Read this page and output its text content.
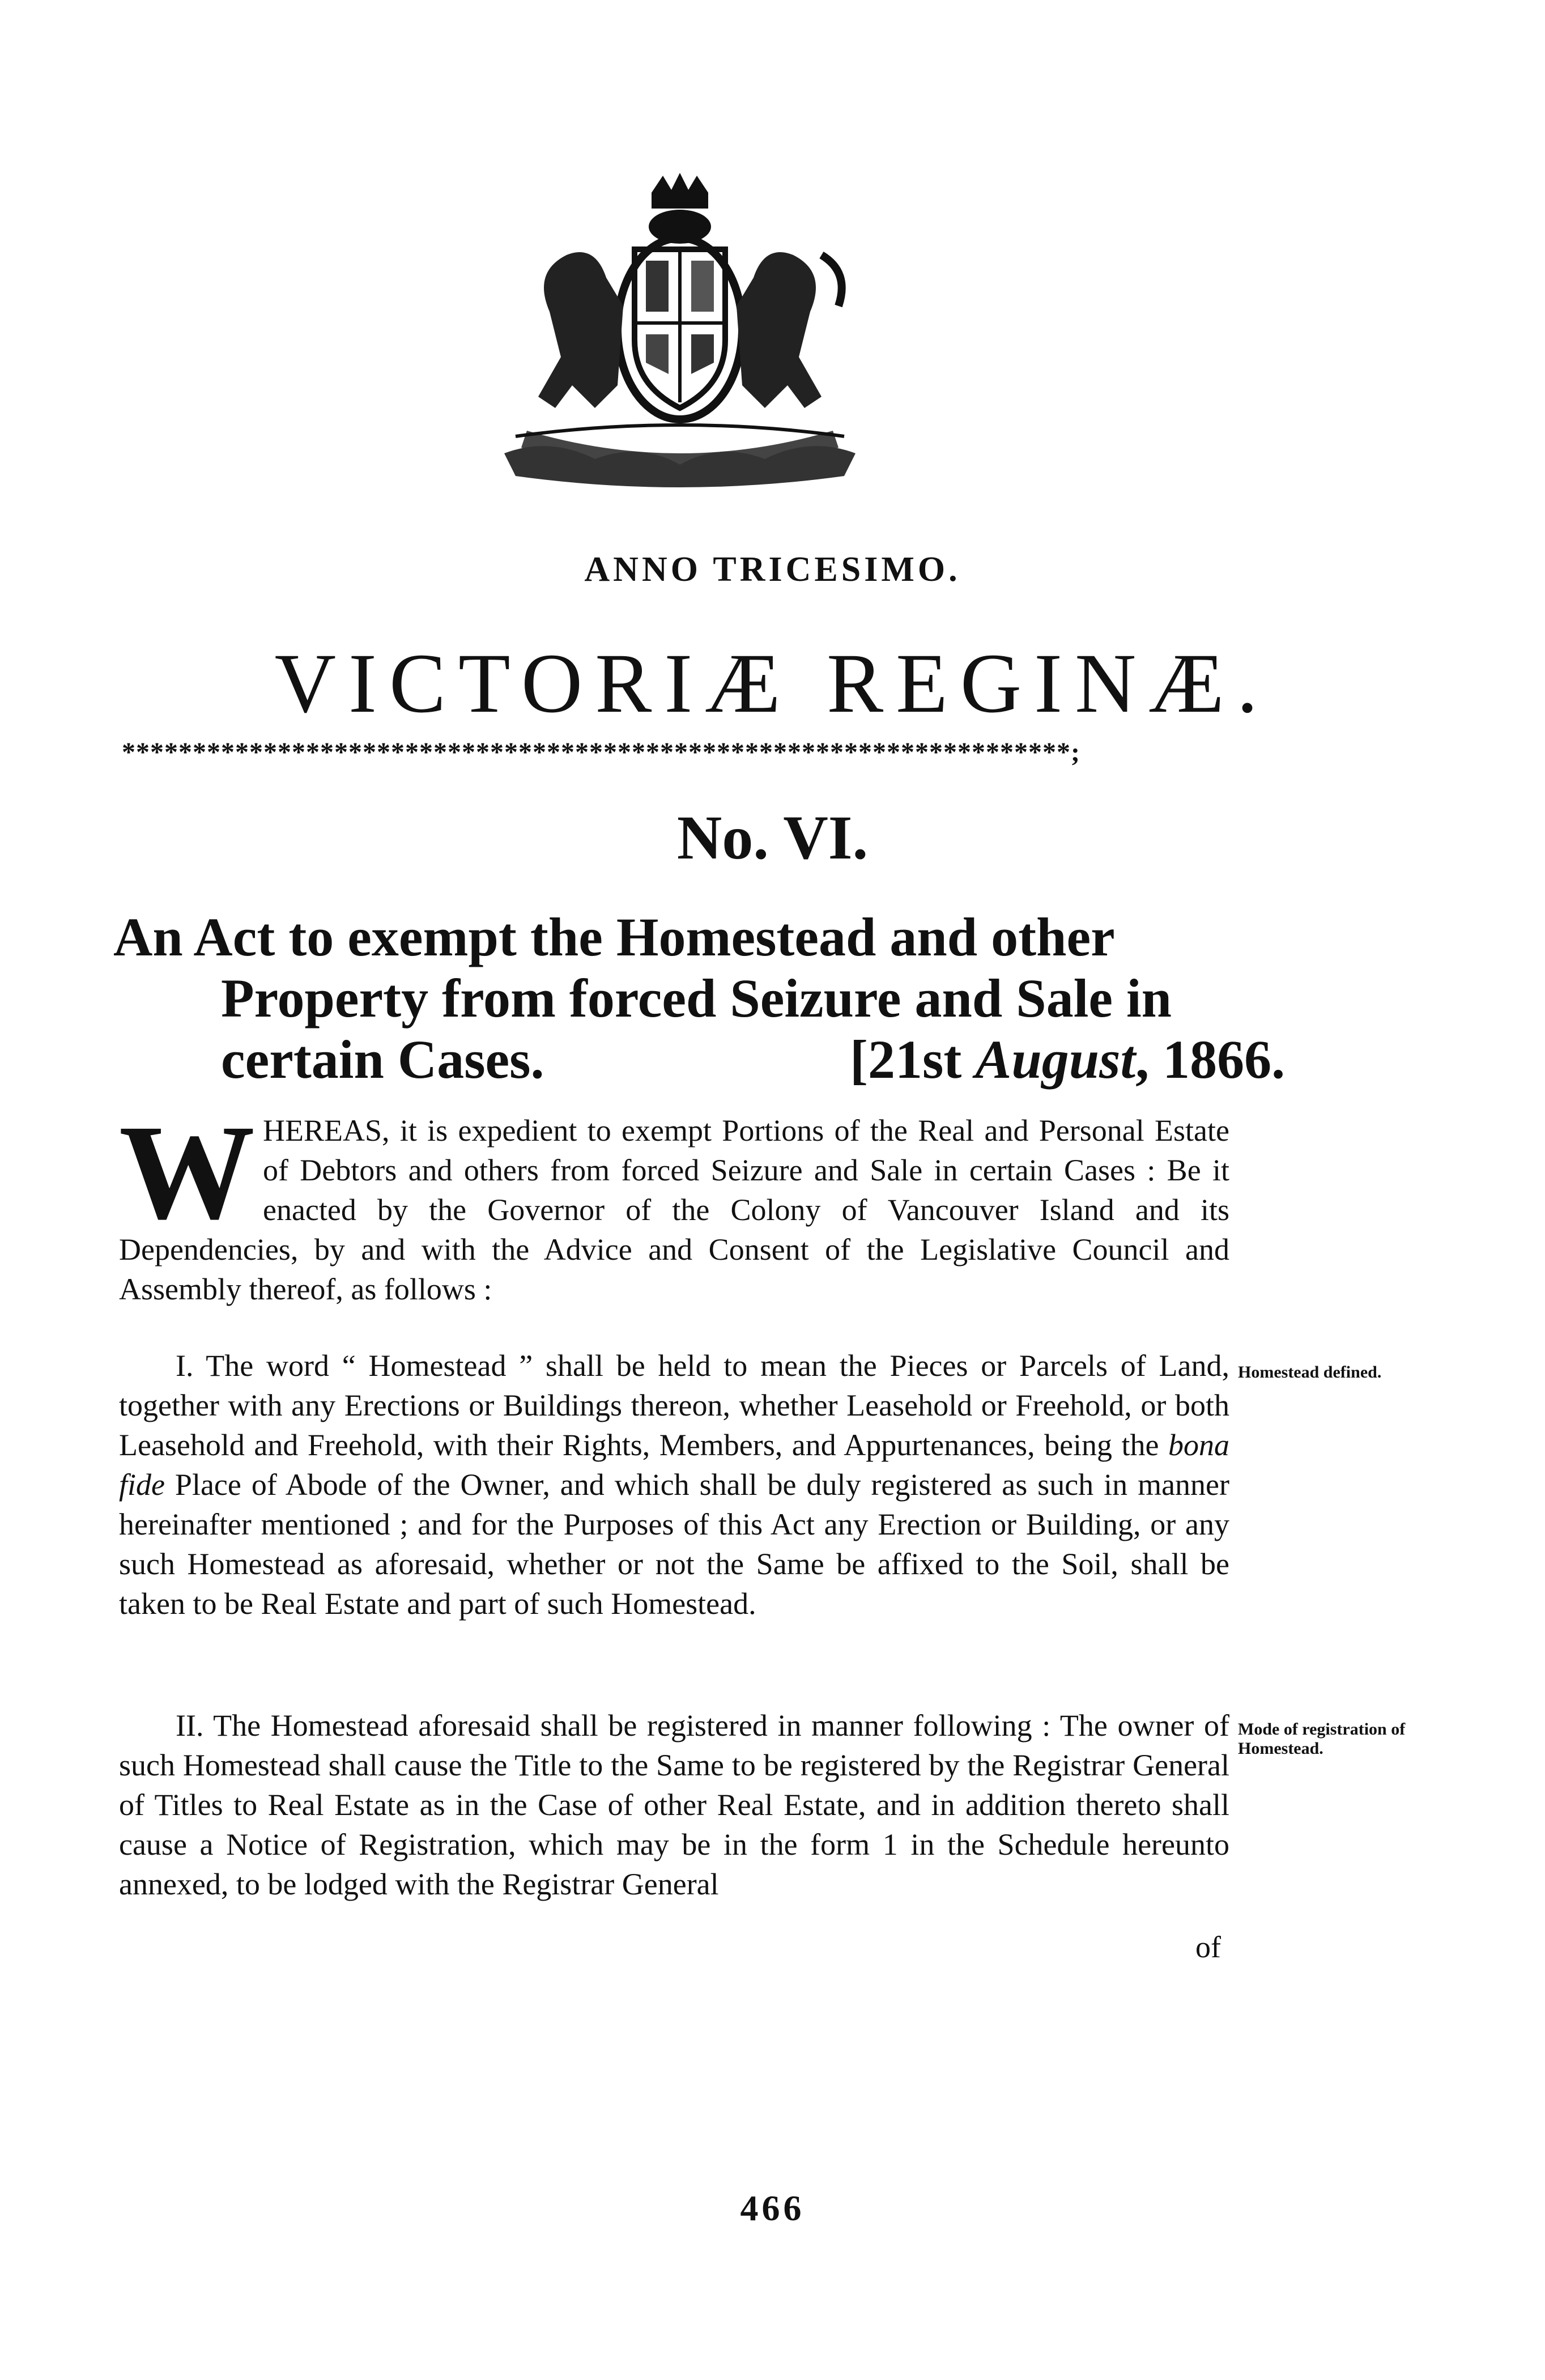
ANNO TRICESIMO.
VICTORIÆ REGINÆ.
*******************************************************************;
No. VI.
An Act to exempt the Homestead and other
Property from forced Seizure and Sale in
certain Cases.	[21st August, 1866.
WHEREAS, it is expedient to exempt Portions of the Real and Personal Estate of Debtors and others from forced Seizure and Sale in certain Cases : Be it enacted by the Governor of the Colony of Vancouver Island and its Dependencies, by and with the Advice and Consent of the Legislative Council and Assembly thereof, as follows :
I. The word “ Homestead ” shall be held to mean the Pieces or Parcels of Land, together with any Erections or Buildings thereon, whether Leasehold or Freehold, or both Leasehold and Freehold, with their Rights, Members, and Appurtenances, being the bona fide Place of Abode of the Owner, and which shall be duly registered as such in manner hereinafter mentioned ; and for the Purposes of this Act any Erection or Building, or any such Homestead as aforesaid, whether or not the Same be affixed to the Soil, shall be taken to be Real Estate and part of such Homestead.
Homestead defined.
II. The Homestead aforesaid shall be registered in manner following : The owner of such Homestead shall cause the Title to the Same to be registered by the Registrar General of Titles to Real Estate as in the Case of other Real Estate, and in addition thereto shall cause a Notice of Registration, which may be in the form 1 in the Schedule hereunto annexed, to be lodged with the Registrar General
Mode of registration of Homestead.
of
466
